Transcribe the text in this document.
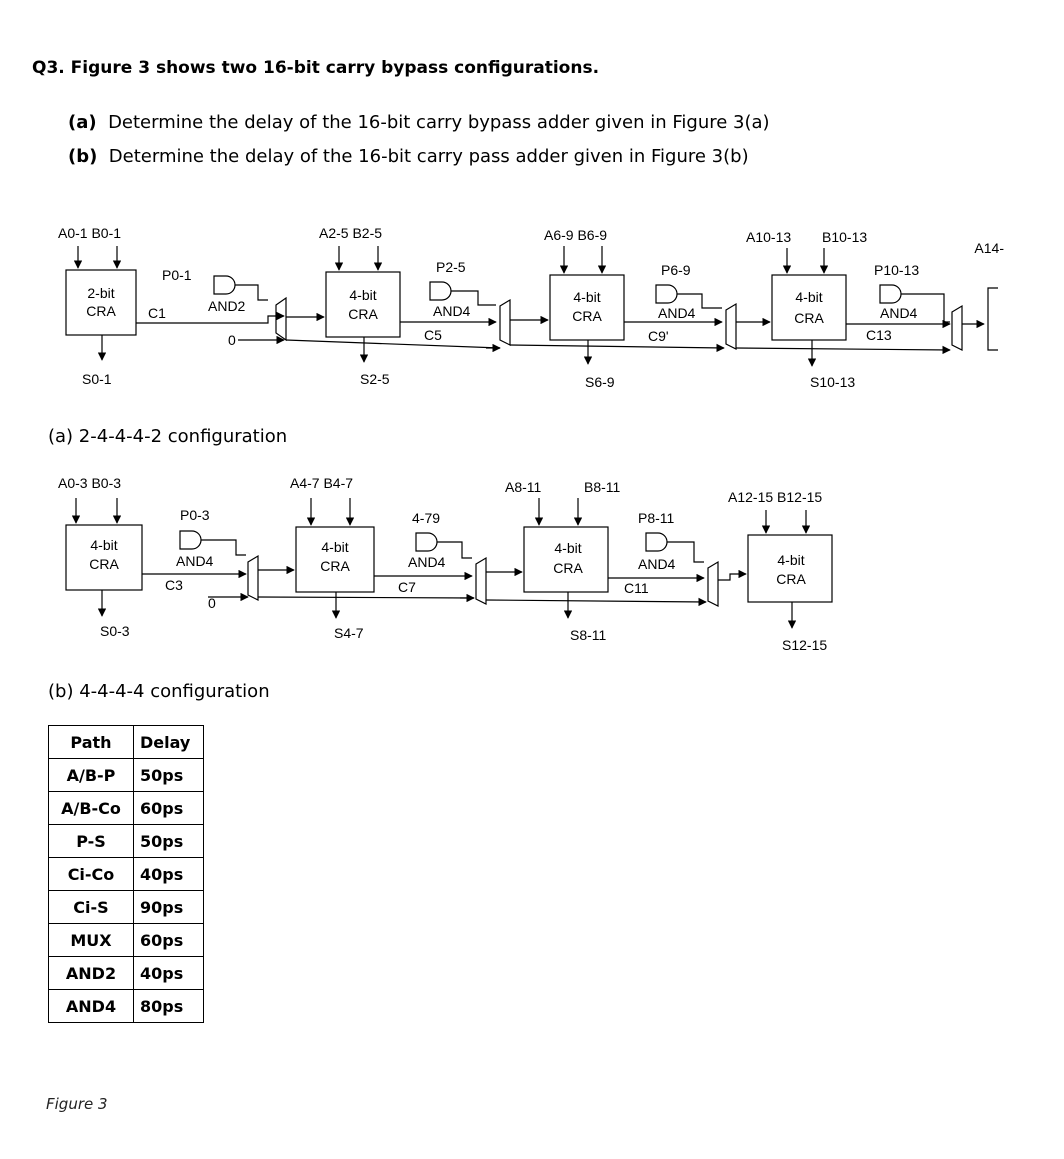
Q3. Figure 3 shows two 16-bit carry bypass configurations.
(a) Determine the delay of the 16-bit carry bypass adder given in Figure 3(a)
(b) Determine the delay of the 16-bit carry pass adder given in Figure 3(b)
A0-1 B0-1
2-bit
CRA
S0-1
P0-1
C1	AND2
0
A2-5 B2-5
4-bit
CRA
S2-5
P2-5
AND4
C5
A6-9 B6-9
4-bit
CRA
S6-9
P6-9
AND4
C9'
A10-13 B10-13
4-bit
CRA
S10-13
P10-13
AND4
C13
A14-
A0-3 B0-3
4-bit
CRA
S0-3
P0-3
AND4
C3
0
A4-7 B4-7
4-bit
CRA
S4-7
4-79
AND4
C7
A8-11	B8-11
4-bit
CRA
S8-11
P8-11
AND4
C11
A12-15 B12-15
4-bit
CRA
S12-15
(a) 2-4-4-4-2 configuration
(b) 4-4-4-4 configuration
Path	Delay
A/B-P	50ps
A/B-Co	60ps
P-S	50ps
Ci-Co	40ps
Ci-S	90ps
MUX	60ps
AND2	40ps
AND4	80ps
Figure 3
